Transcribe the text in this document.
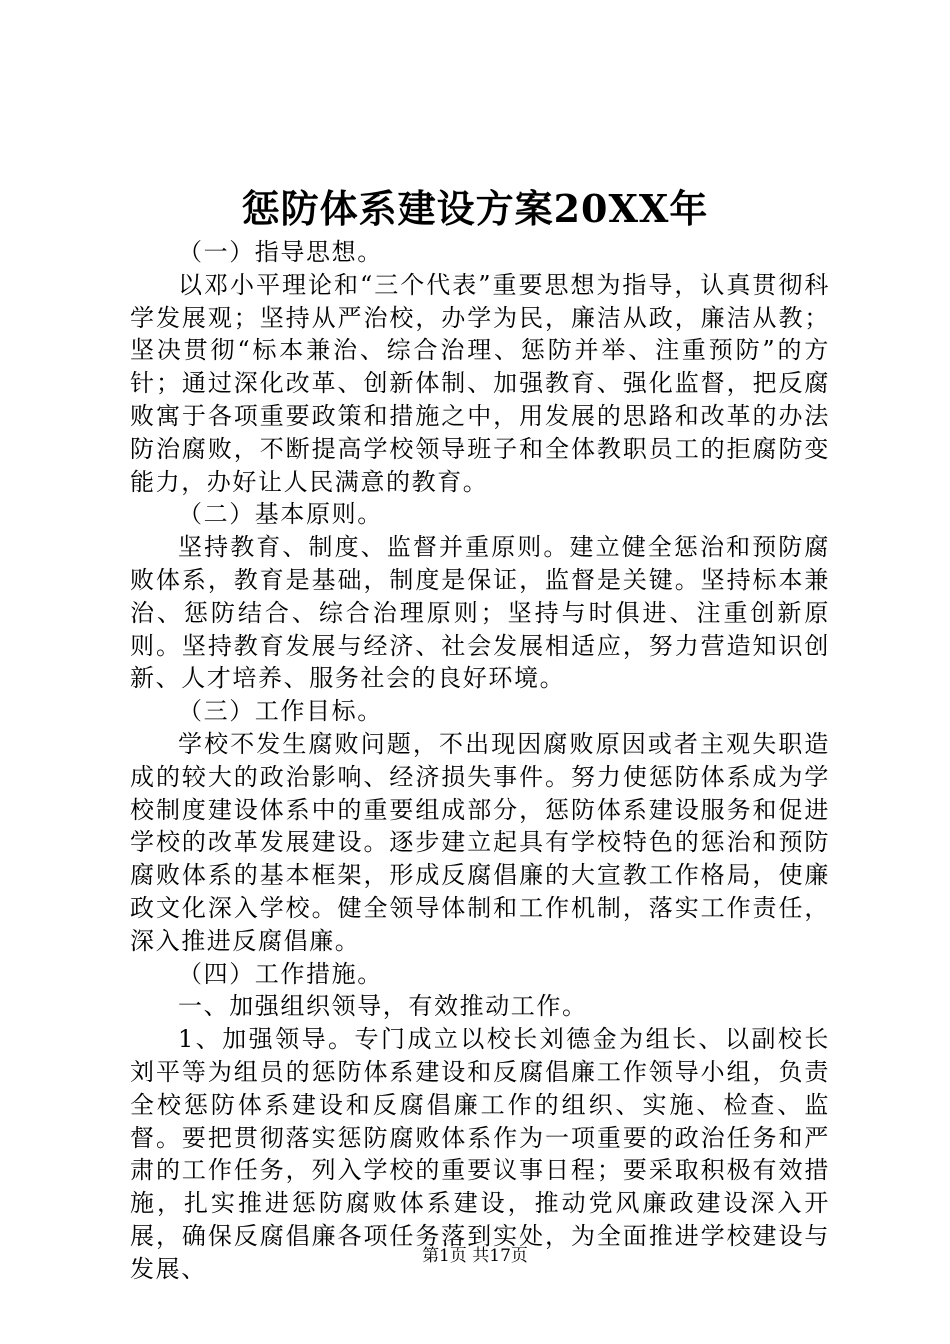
惩防体系建设方案20XX年

（一）指导思想。

以邓小平理论和“三个代表”重要思想为指导，认真贯彻科学发展观；坚持从严治校，办学为民，廉洁从政，廉洁从教；坚决贯彻“标本兼治、综合治理、惩防并举、注重预防”的方针；通过深化改革、创新体制、加强教育、强化监督，把反腐败寓于各项重要政策和措施之中，用发展的思路和改革的办法防治腐败，不断提高学校领导班子和全体教职员工的拒腐防变能力，办好让人民满意的教育。

（二）基本原则。

坚持教育、制度、监督并重原则。建立健全惩治和预防腐败体系，教育是基础，制度是保证，监督是关键。坚持标本兼治、惩防结合、综合治理原则；坚持与时俱进、注重创新原则。坚持教育发展与经济、社会发展相适应，努力营造知识创新、人才培养、服务社会的良好环境。

（三）工作目标。

学校不发生腐败问题，不出现因腐败原因或者主观失职造成的较大的政治影响、经济损失事件。努力使惩防体系成为学校制度建设体系中的重要组成部分，惩防体系建设服务和促进学校的改革发展建设。逐步建立起具有学校特色的惩治和预防腐败体系的基本框架，形成反腐倡廉的大宣教工作格局，使廉政文化深入学校。健全领导体制和工作机制，落实工作责任，深入推进反腐倡廉。

（四）工作措施。

一、加强组织领导，有效推动工作。

1、加强领导。专门成立以校长刘德金为组长、以副校长刘平等为组员的惩防体系建设和反腐倡廉工作领导小组，负责全校惩防体系建设和反腐倡廉工作的组织、实施、检查、监督。要把贯彻落实惩防腐败体系作为一项重要的政治任务和严肃的工作任务，列入学校的重要议事日程；要采取积极有效措施，扎实推进惩防腐败体系建设，推动党风廉政建设深入开展，确保反腐倡廉各项任务落到实处，为全面推进学校建设与发展、	第1页 共17页
